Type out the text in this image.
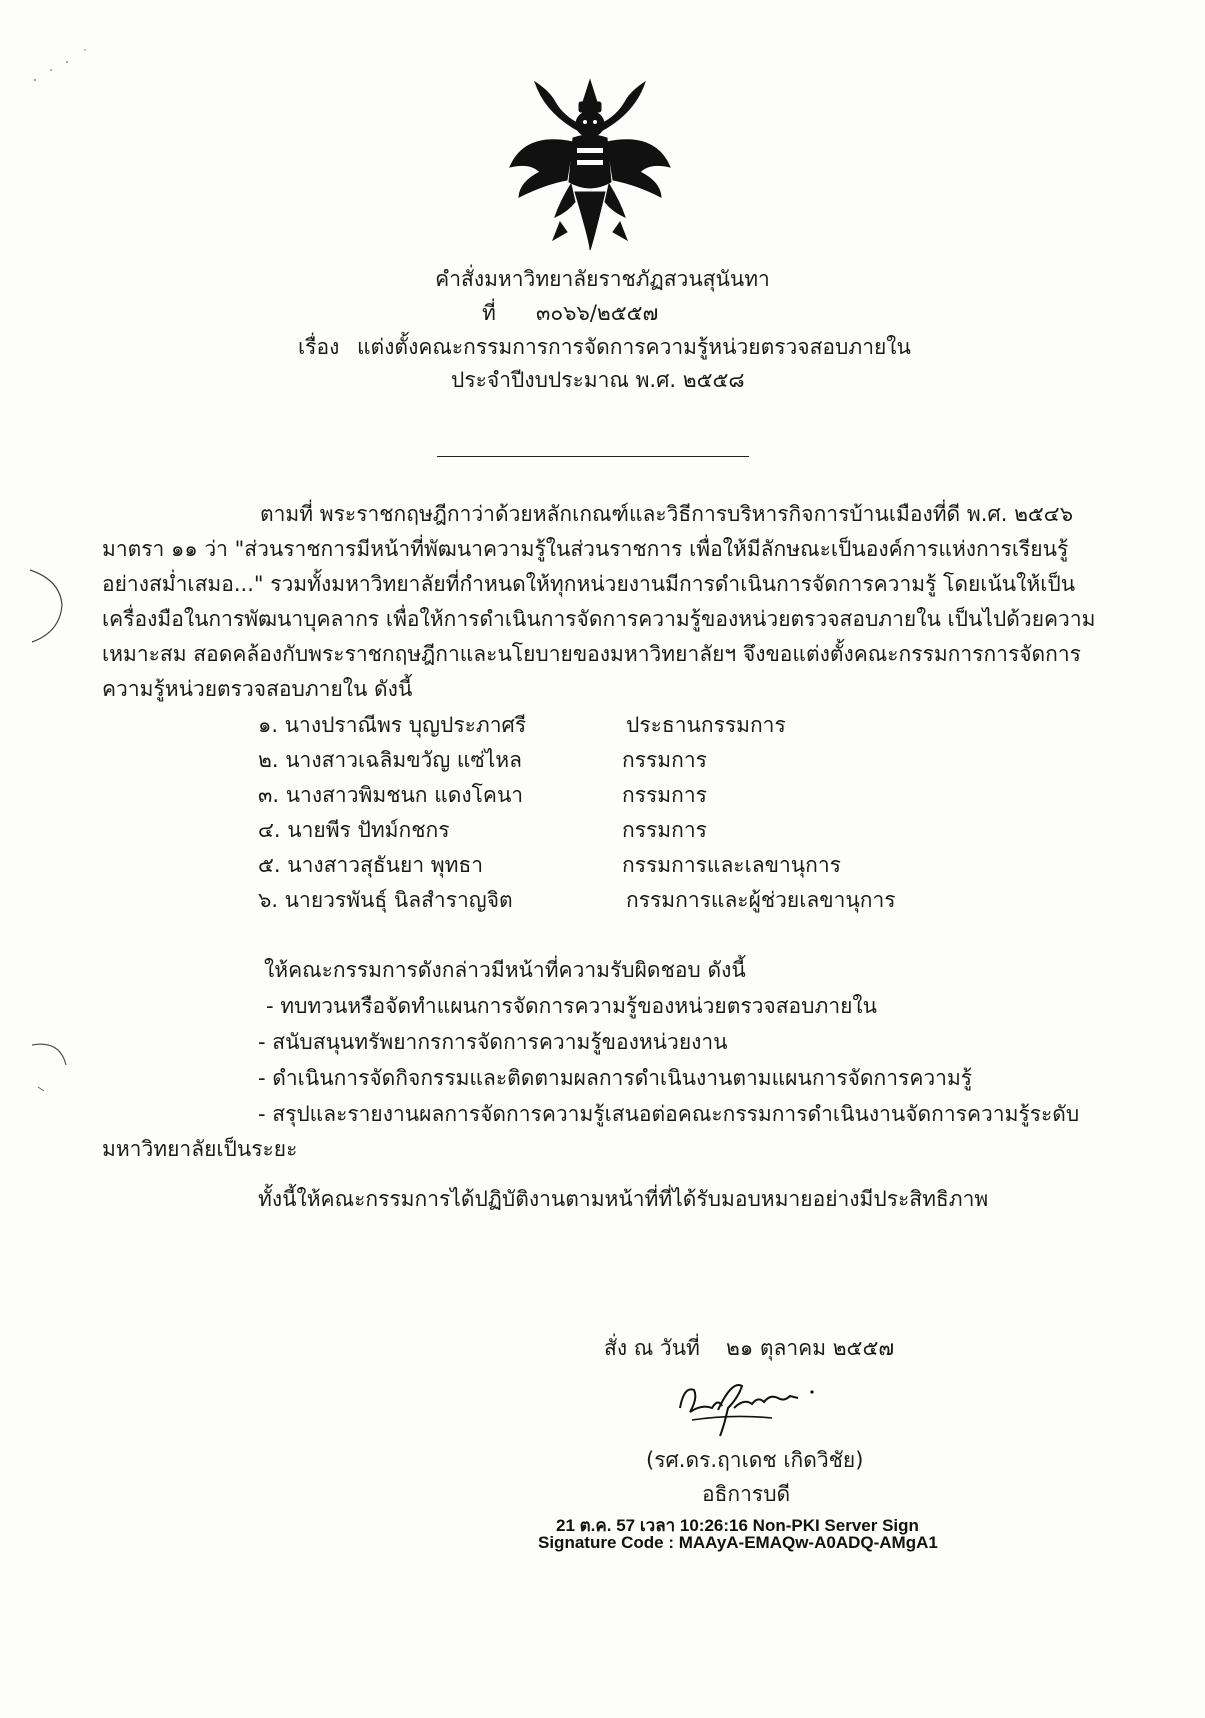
คำสั่งมหาวิทยาลัยราชภัฏสวนสุนันทา
ที่ ๓๐๖๖/๒๕๕๗
เรื่อง แต่งตั้งคณะกรรมการการจัดการความรู้หน่วยตรวจสอบภายใน
ประจำปีงบประมาณ พ.ศ. ๒๕๕๘
ตามที่ พระราชกฤษฎีกาว่าด้วยหลักเกณฑ์และวิธีการบริหารกิจการบ้านเมืองที่ดี พ.ศ. ๒๕๔๖
มาตรา ๑๑ ว่า "ส่วนราชการมีหน้าที่พัฒนาความรู้ในส่วนราชการ เพื่อให้มีลักษณะเป็นองค์การแห่งการเรียนรู้
อย่างสม่ำเสมอ..." รวมทั้งมหาวิทยาลัยที่กำหนดให้ทุกหน่วยงานมีการดำเนินการจัดการความรู้ โดยเน้นให้เป็น
เครื่องมือในการพัฒนาบุคลากร เพื่อให้การดำเนินการจัดการความรู้ของหน่วยตรวจสอบภายใน เป็นไปด้วยความ
เหมาะสม สอดคล้องกับพระราชกฤษฎีกาและนโยบายของมหาวิทยาลัยฯ จึงขอแต่งตั้งคณะกรรมการการจัดการ
ความรู้หน่วยตรวจสอบภายใน ดังนี้
๑. นางปราณีพร บุญประภาศรี	ประธานกรรมการ
๒. นางสาวเฉลิมขวัญ แซ่ไหล	กรรมการ
๓. นางสาวพิมชนก แดงโคนา	กรรมการ
๔. นายพีร ปัทม์กชกร	กรรมการ
๕. นางสาวสุธันยา พุทธา	กรรมการและเลขานุการ
๖. นายวรพันธุ์ นิลสำราญจิต	กรรมการและผู้ช่วยเลขานุการ
ให้คณะกรรมการดังกล่าวมีหน้าที่ความรับผิดชอบ ดังนี้
- ทบทวนหรือจัดทำแผนการจัดการความรู้ของหน่วยตรวจสอบภายใน
- สนับสนุนทรัพยากรการจัดการความรู้ของหน่วยงาน
- ดำเนินการจัดกิจกรรมและติดตามผลการดำเนินงานตามแผนการจัดการความรู้
- สรุปและรายงานผลการจัดการความรู้เสนอต่อคณะกรรมการดำเนินงานจัดการความรู้ระดับ
มหาวิทยาลัยเป็นระยะ
ทั้งนี้ให้คณะกรรมการได้ปฏิบัติงานตามหน้าที่ที่ได้รับมอบหมายอย่างมีประสิทธิภาพ
สั่ง ณ วันที่ ๒๑ ตุลาคม ๒๕๕๗
(รศ.ดร.ฤาเดช เกิดวิชัย)
อธิการบดี
21 ต.ค. 57 เวลา 10:26:16 Non-PKI Server Sign
Signature Code : MAAyA-EMAQw-A0ADQ-AMgA1
